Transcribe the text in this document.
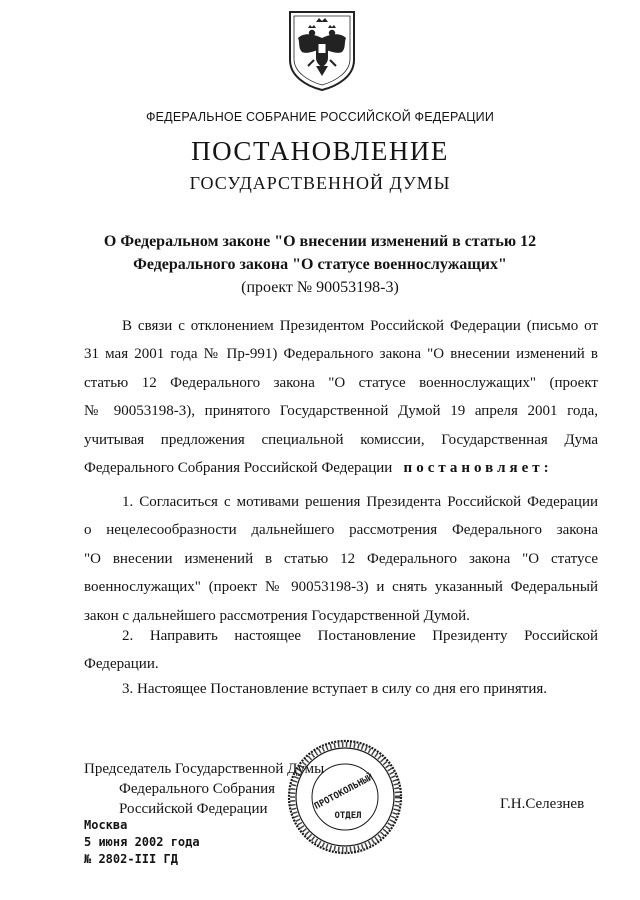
ФЕДЕРАЛЬНОЕ СОБРАНИЕ РОССИЙСКОЙ ФЕДЕРАЦИИ
ПОСТАНОВЛЕНИЕ
ГОСУДАРСТВЕННОЙ ДУМЫ
О Федеральном законе "О внесении изменений в статью 12
Федерального закона "О статусе военнослужащих"
(проект № 90053198-3)
В связи с отклонением Президентом Российской Федерации (письмо от
31 мая 2001 года № Пр-991) Федерального закона "О внесении изменений в
статью 12 Федерального закона "О статусе военнослужащих" (проект
№ 90053198-3), принятого Государственной Думой 19 апреля 2001 года,
учитывая предложения специальной комиссии, Государственная Дума
Федерального Собрания Российской Федерации постановляет:
1. Согласиться с мотивами решения Президента Российской Федерации
о нецелесообразности дальнейшего рассмотрения Федерального закона
"О внесении изменений в статью 12 Федерального закона "О статусе
военнослужащих" (проект № 90053198-3) и снять указанный Федеральный
закон с дальнейшего рассмотрения Государственной Думой.
2. Направить настоящее Постановление Президенту Российской
Федерации.
3. Настоящее Постановление вступает в силу со дня его принятия.
Председатель Государственной Думы
Федерального Собрания
Российской Федерации	ПРОТОКОЛЬНЫЙ
ОТДЕЛ
Г.Н.Селезнев
Москва
5 июня 2002 года
№ 2802-III ГД
